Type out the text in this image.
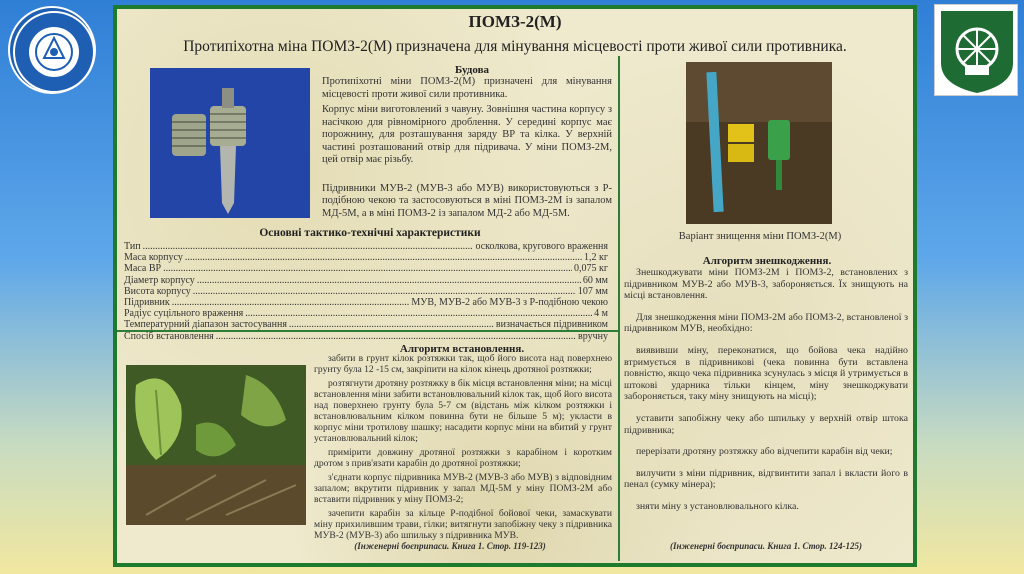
ПОМЗ-2(М)
Протипіхотна міна ПОМЗ-2(М) призначена для мінування місцевості проти живої сили противника.
Будова

Протипіхотні міни ПОМЗ-2(М) призначені для мінування місцевості проти живої сили противника.

Корпус міни виготовлений з чавуну. Зовнішня частина корпусу з насічкою для рівномірного дроблення. У середині корпус має порожнину, для розташування заряду ВР та кілка. У верхній частині розташований отвір для підривача. У міни ПОМЗ-2М, цей отвір має різьбу.

Підривники МУВ-2 (МУВ-3 або МУВ) використовуються з Р-подібною чекою та застосовуються в міні ПОМЗ-2М із запалом МД-5М, а в міні ПОМЗ-2 із запалом МД-2 або МД-5М.

Основні тактико-технічні характеристики
Тип .....	осколкова, кругового враження
Маса корпусу .....	1,2 кг
Маса ВР .....	0,075 кг
Діаметр корпусу .....	60 мм
Висота корпусу .....	107 мм
Підривник .....	МУВ, МУВ-2 або МУВ-3 з Р-подібною чекою
Радіус суцільного враження .....	4 м
Температурний діапазон застосування .....	визначається підривником
Спосіб встановлення .....	вручну
Алгоритм встановлення.

забити в грунт кілок розтяжки так, щоб його висота над поверхнею грунту була 12 -15 см, закріпити на кілок кінець дротяної розтяжки;

розтягнути дротяну розтяжку в бік місця встановлення міни; на місці встановлення міни забити встановлювальний кілок так, щоб його висота над поверхнею грунту була 5-7 см (відстань між кілком розтяжки і встановлювальним кілком повинна бути не більше 5 м); укласти в корпус міни тротилову шашку; насадити корпус міни на вбитий у грунт установлювальний кілок;

примірити довжину дротяної розтяжки з карабіном і коротким дротом з прив'язати карабін до дротяної розтяжки;

з'єднати корпус підривника МУВ-2 (МУВ-3 або МУВ) з відповідним запалом; вкрутити підривник у запал МД-5М у міну ПОМЗ-2М або вставити підривник у міну ПОМЗ-2;

зачепити карабін за кільце Р-подібної бойової чеки, замаскувати міну прихилившим трави, гілки; витягнути запобіжну чеку з підривника МУВ-2 (МУВ-3) або шпильку з підривника МУВ.

(Інженерні боєприпаси. Книга 1. Стор. 119-123)
Варіант знищення міни ПОМЗ-2(М)
Алгоритм знешкодження.

Знешкоджувати міни ПОМЗ-2М і ПОМЗ-2, встановлених з підривником МУВ-2 або МУВ-3, забороняється. Їх знищують на місці встановлення.

Для знешкодження міни ПОМЗ-2М або ПОМЗ-2, встановленої з підривником МУВ, необхідно:

виявивши міну, переконатися, що бойова чека надійно втримується в підривникові (чека повинна бути вставлена повністю, якщо чека підривника зсунулась з місця й утримується в штокові ударника тільки кінцем, міну знешкоджувати забороняється, таку міну знищують на місці);

уставити запобіжну чеку або шпильку у верхній отвір штока підривника;

перерізати дротяну розтяжку або відчепити карабін від чеки;

вилучити з міни підривник, відгвинтити запал і вкласти його в пенал (сумку мінера);

зняти міну з установлювального кілка.

(Інженерні боєприпаси. Книга 1. Стор. 124-125)
